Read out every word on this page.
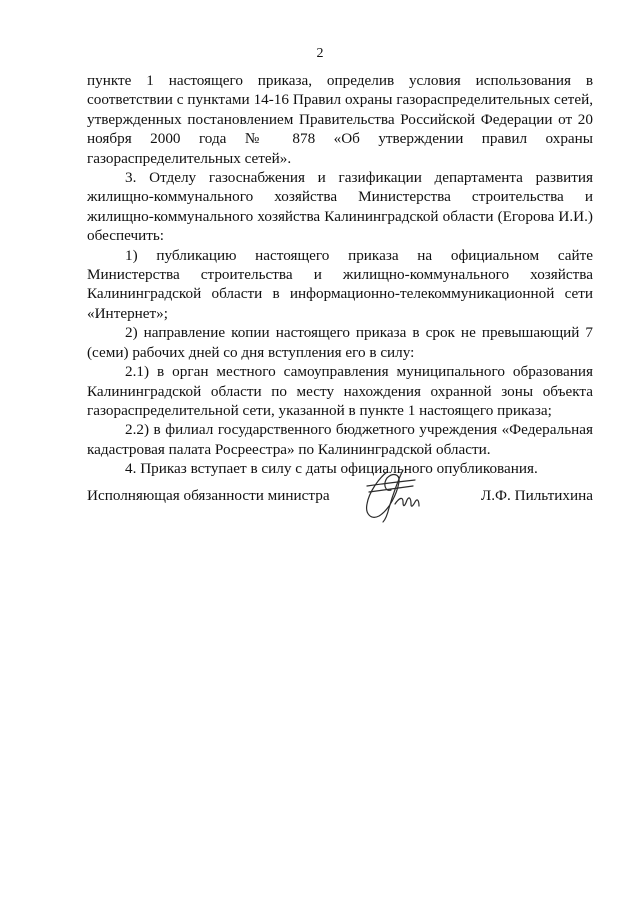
2

пункте 1 настоящего приказа, определив условия использования в соответствии с пунктами 14-16 Правил охраны газораспределительных сетей, утвержденных постановлением Правительства Российской Федерации от 20 ноября 2000 года № 878 «Об утверждении правил охраны газораспределительных сетей».

3. Отделу газоснабжения и газификации департамента развития жилищно-коммунального хозяйства Министерства строительства и жилищно-коммунального хозяйства Калининградской области (Егорова И.И.) обеспечить:

1) публикацию настоящего приказа на официальном сайте Министерства строительства и жилищно-коммунального хозяйства Калининградской области в информационно-телекоммуникационной сети «Интернет»;

2) направление копии настоящего приказа в срок не превышающий 7 (семи) рабочих дней со дня вступления его в силу:

2.1) в орган местного самоуправления муниципального образования Калининградской области по месту нахождения охранной зоны объекта газораспределительной сети, указанной в пункте 1 настоящего приказа;

2.2) в филиал государственного бюджетного учреждения «Федеральная кадастровая палата Росреестра» по Калининградской области.

4. Приказ вступает в силу с даты официального опубликования.

Исполняющая обязанности министра	Л.Ф. Пильтихина
